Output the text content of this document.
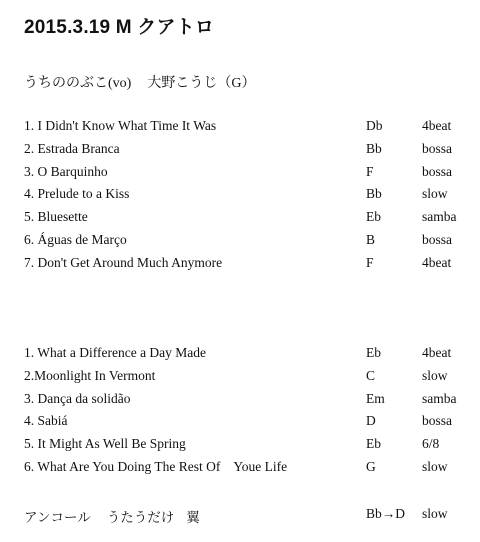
2015.3.19 M クアトロ
うちののぶこ(vo) 大野こうじ（G）
1. I Didn't Know What Time It Was	Db	4beat
2. Estrada Branca	Bb	bossa
3. O Barquinho	F	bossa
4. Prelude to a Kiss	Bb	slow
5. Bluesette	Eb	samba
6. Águas de Março	B	bossa
7. Don't Get Around Much Anymore	F	4beat
1. What a Difference a Day Made	Eb	4beat
2.Moonlight In Vermont	C	slow
3. Dança da solidão	Em	samba
4. Sabiá	D	bossa
5. It Might As Well Be Spring	Eb	6/8
6. What Are You Doing The Rest Of    Youe Life	G	slow
アンコール うたうだけ 翼	Bb→D slow
